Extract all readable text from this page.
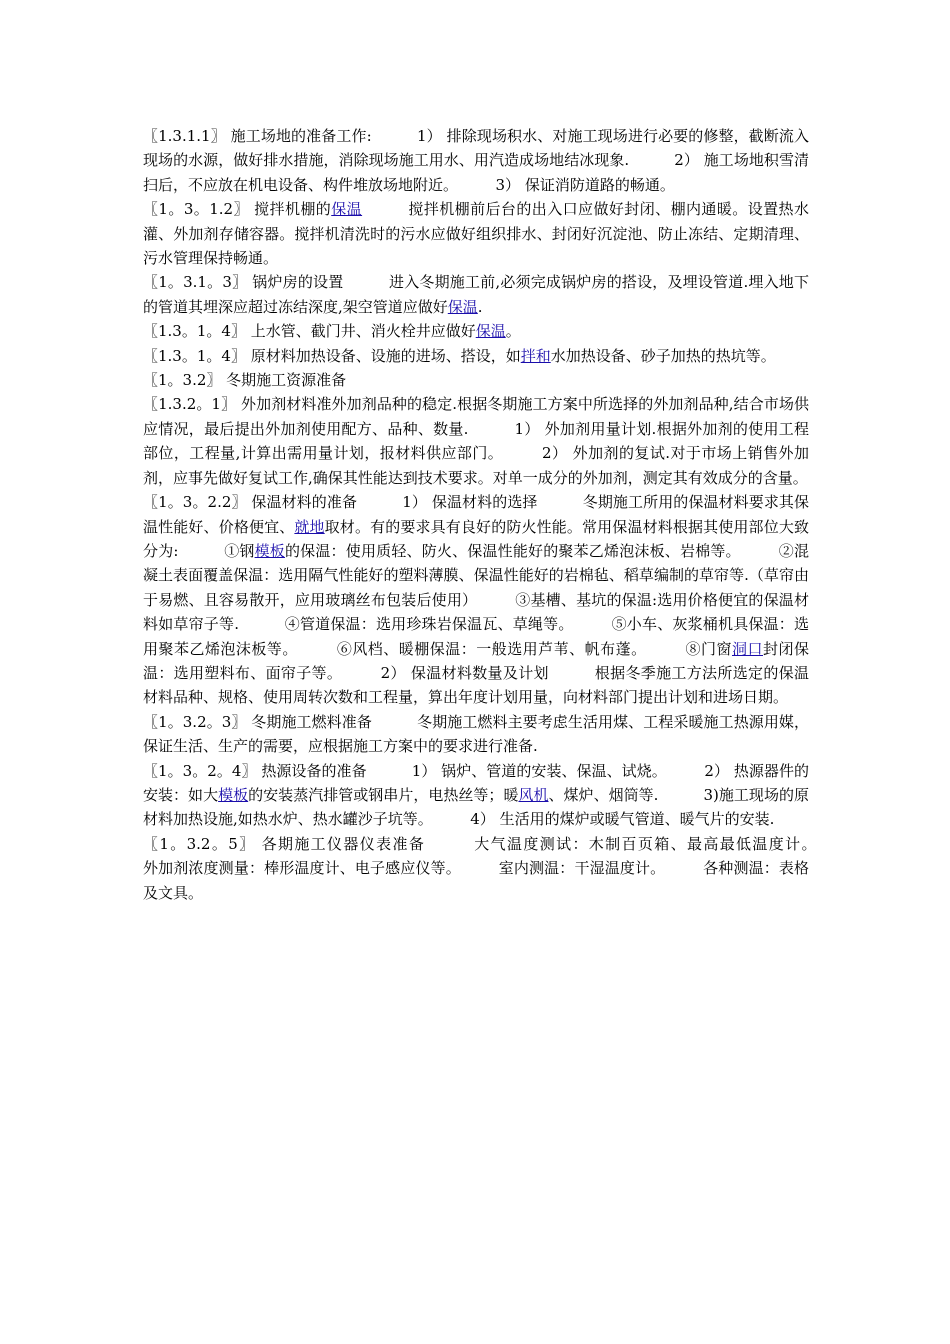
〖1.3.1.1〗 施工场地的准备工作:　　　1） 排除现场积水、对施工现场进行必要的修整，截断流入现场的水源，做好排水措施，消除现场施工用水、用汽造成场地结冰现象.　　　2） 施工场地积雪清扫后，不应放在机电设备、构件堆放场地附近。　　　3） 保证消防道路的畅通。

〖1。3。1.2〗 搅拌机棚的保温　　　搅拌机棚前后台的出入口应做好封闭、棚内通暖。设置热水灌、外加剂存储容器。搅拌机清洗时的污水应做好组织排水、封闭好沉淀池、防止冻结、定期清理、污水管理保持畅通。

〖1。3.1。3〗 锅炉房的设置　　　进入冬期施工前,必须完成锅炉房的搭设，及埋设管道.埋入地下的管道其埋深应超过冻结深度,架空管道应做好保温.

〖1.3。1。4〗 上水管、截门井、消火栓井应做好保温。

〖1.3。1。4〗 原材料加热设备、设施的进场、搭设，如拌和水加热设备、砂子加热的热坑等。

〖1。3.2〗 冬期施工资源准备

〖1.3.2。1〗 外加剂材料准外加剂品种的稳定.根据冬期施工方案中所选择的外加剂品种,结合市场供应情况，最后提出外加剂使用配方、品种、数量.　　　1） 外加剂用量计划.根据外加剂的使用工程部位，工程量,计算出需用量计划，报材料供应部门。　　　2） 外加剂的复试.对于市场上销售外加剂，应事先做好复试工作,确保其性能达到技术要求。对单一成分的外加剂，测定其有效成分的含量。

〖1。3。2.2〗 保温材料的准备　　　1） 保温材料的选择　　　冬期施工所用的保温材料要求其保温性能好、价格便宜、就地取材。有的要求具有良好的防火性能。常用保温材料根据其使用部位大致分为:　　　①钢模板的保温：使用质轻、防火、保温性能好的聚苯乙烯泡沫板、岩棉等。　　　②混凝土表面覆盖保温：选用隔气性能好的塑料薄膜、保温性能好的岩棉毡、稻草编制的草帘等.（草帘由于易燃、且容易散开，应用玻璃丝布包装后使用）　　　③基槽、基坑的保温:选用价格便宜的保温材料如草帘子等.　　　④管道保温：选用珍珠岩保温瓦、草绳等。　　　⑤小车、灰浆桶机具保温：选用聚苯乙烯泡沫板等。　　　⑥风档、暖棚保温：一般选用芦苇、帆布蓬。　　　⑧门窗洞口封闭保温：选用塑料布、面帘子等。　　　2） 保温材料数量及计划　　　根据冬季施工方法所选定的保温材料品种、规格、使用周转次数和工程量，算出年度计划用量，向材料部门提出计划和进场日期。

〖1。3.2。3〗 冬期施工燃料准备　　　冬期施工燃料主要考虑生活用煤、工程采暖施工热源用媒，保证生活、生产的需要，应根据施工方案中的要求进行准备.

〖1。3。2。4〗 热源设备的准备　　　1） 锅炉、管道的安装、保温、试烧。　　　2） 热源器件的安装：如大模板的安装蒸汽排管或钢串片，电热丝等；暖风机、煤炉、烟筒等.　　　3)施工现场的原材料加热设施,如热水炉、热水罐沙子坑等。　　　4） 生活用的煤炉或暖气管道、暖气片的安装.

〖1。3.2。5〗 各期施工仪器仪表准备　　　大气温度测试：木制百页箱、最高最低温度计。　　　外加剂浓度测量：棒形温度计、电子感应仪等。　　　室内测温：干湿温度计。　　　各种测温：表格及文具。
